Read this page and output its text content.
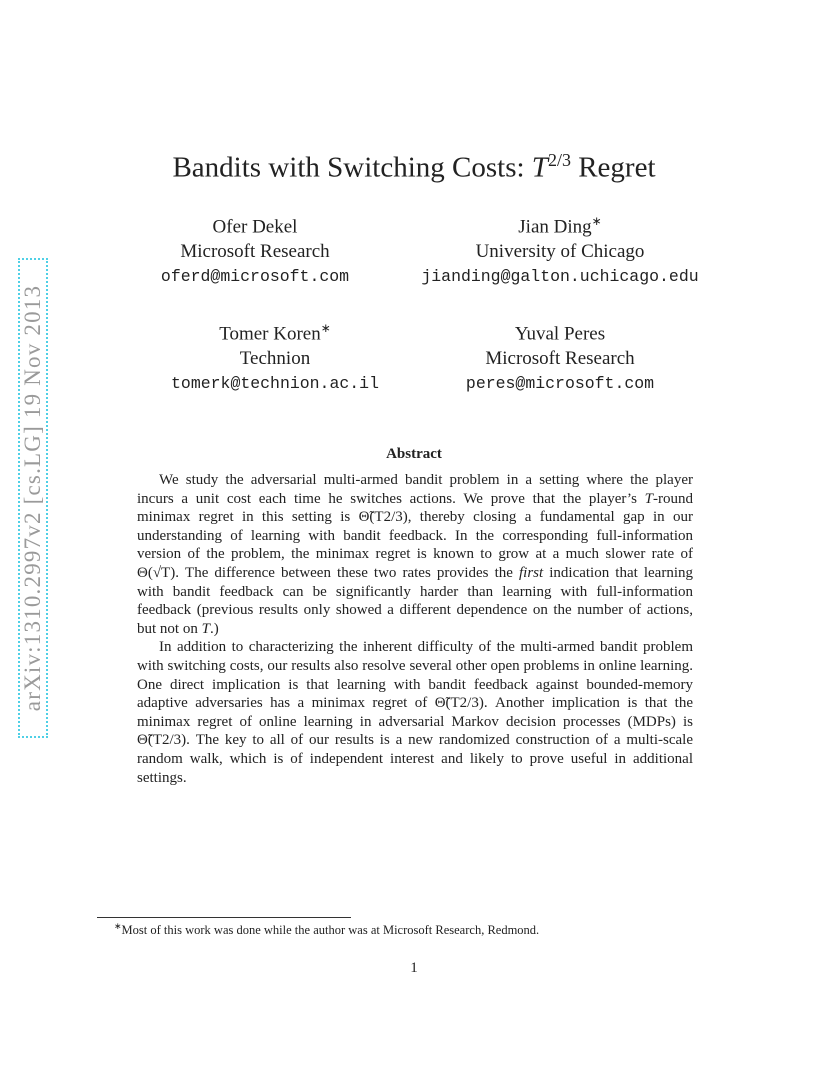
arXiv:1310.2997v2 [cs.LG] 19 Nov 2013
Bandits with Switching Costs: $T^{2/3}$ Regret
Ofer Dekel
Microsoft Research
oferd@microsoft.com
Jian Ding∗
University of Chicago
jianding@galton.uchicago.edu
Tomer Koren∗
Technion
tomerk@technion.ac.il
Yuval Peres
Microsoft Research
peres@microsoft.com
Abstract

We study the adversarial multi-armed bandit problem in a setting where the player incurs a unit cost each time he switches actions. We prove that the player’s T-round minimax regret in this setting is Θ̃(T2/3), thereby closing a fundamental gap in our understanding of learning with bandit feedback. In the corresponding full-information version of the problem, the minimax regret is known to grow at a much slower rate of Θ(√T). The difference between these two rates provides the first indication that learning with bandit feedback can be significantly harder than learning with full-information feedback (previous results only showed a different dependence on the number of actions, but not on T.)

In addition to characterizing the inherent difficulty of the multi-armed bandit problem with switching costs, our results also resolve several other open problems in online learning. One direct implication is that learning with bandit feedback against bounded-memory adaptive adversaries has a minimax regret of Θ̃(T2/3). Another implication is that the minimax regret of online learning in adversarial Markov decision processes (MDPs) is Θ̃(T2/3). The key to all of our results is a new randomized construction of a multi-scale random walk, which is of independent interest and likely to prove useful in additional settings.

∗Most of this work was done while the author was at Microsoft Research, Redmond.
1
